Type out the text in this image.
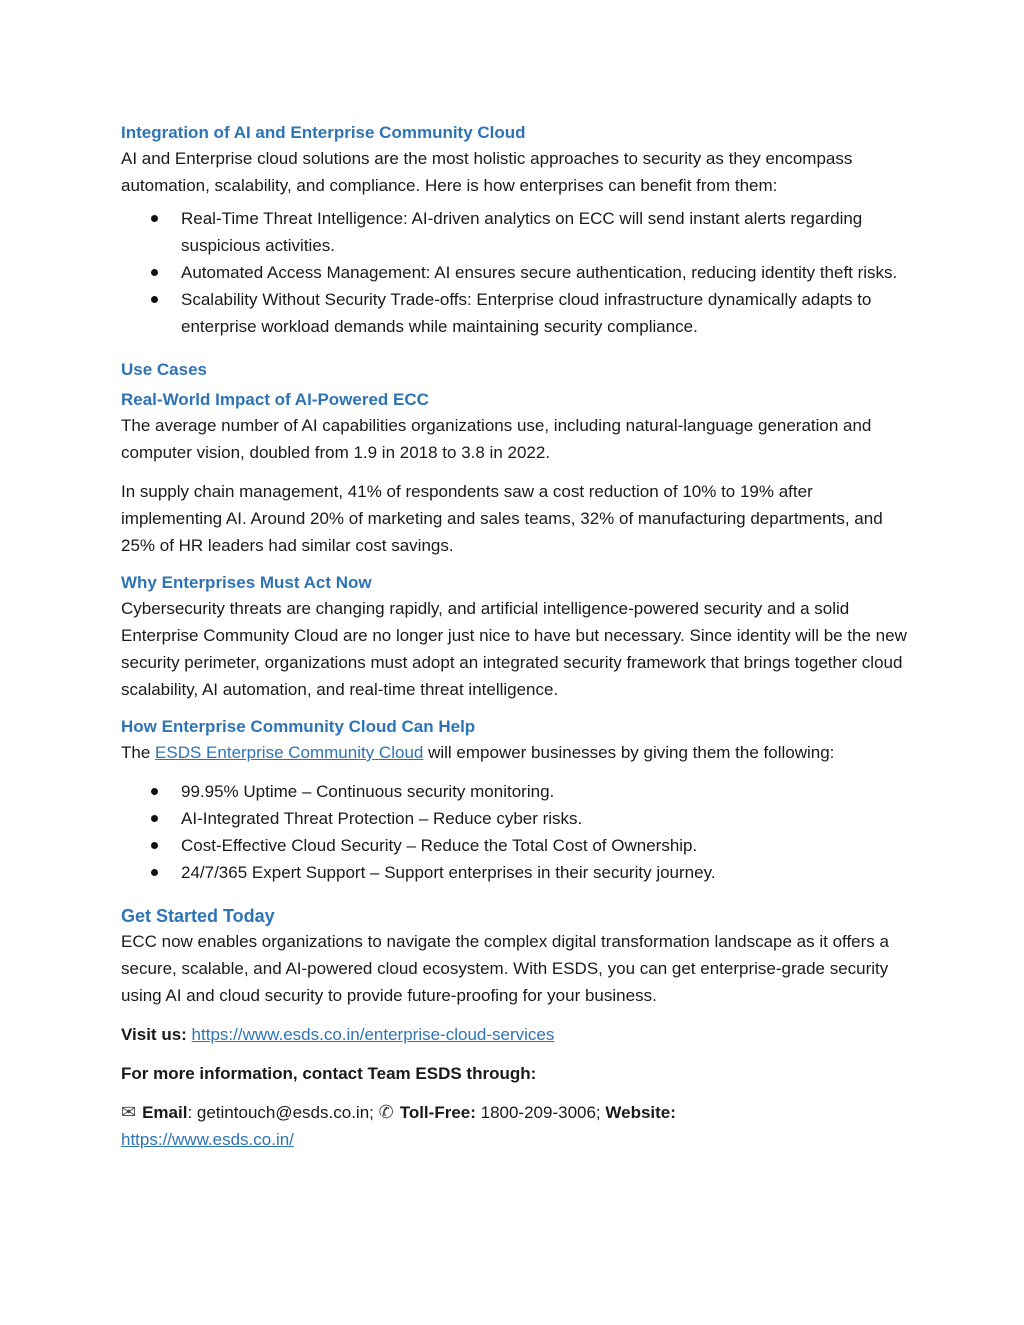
Integration of AI and Enterprise Community Cloud

AI and Enterprise cloud solutions are the most holistic approaches to security as they encompass automation, scalability, and compliance. Here is how enterprises can benefit from them:

Real-Time Threat Intelligence: AI-driven analytics on ECC will send instant alerts regarding suspicious activities.
Automated Access Management: AI ensures secure authentication, reducing identity theft risks.
Scalability Without Security Trade-offs: Enterprise cloud infrastructure dynamically adapts to enterprise workload demands while maintaining security compliance.
Use Cases
Real-World Impact of AI-Powered ECC

The average number of AI capabilities organizations use, including natural-language generation and computer vision, doubled from 1.9 in 2018 to 3.8 in 2022.

In supply chain management, 41% of respondents saw a cost reduction of 10% to 19% after implementing AI. Around 20% of marketing and sales teams, 32% of manufacturing departments, and 25% of HR leaders had similar cost savings.

Why Enterprises Must Act Now

Cybersecurity threats are changing rapidly, and artificial intelligence-powered security and a solid Enterprise Community Cloud are no longer just nice to have but necessary. Since identity will be the new security perimeter, organizations must adopt an integrated security framework that brings together cloud scalability, AI automation, and real-time threat intelligence.

How Enterprise Community Cloud Can Help

The ESDS Enterprise Community Cloud will empower businesses by giving them the following:

99.95% Uptime – Continuous security monitoring.
AI-Integrated Threat Protection – Reduce cyber risks.
Cost-Effective Cloud Security – Reduce the Total Cost of Ownership.
24/7/365 Expert Support – Support enterprises in their security journey.
Get Started Today

ECC now enables organizations to navigate the complex digital transformation landscape as it offers a secure, scalable, and AI-powered cloud ecosystem. With ESDS, you can get enterprise-grade security using AI and cloud security to provide future-proofing for your business.

Visit us: https://www.esds.co.in/enterprise-cloud-services

For more information, contact Team ESDS through:

✉ Email: getintouch@esds.co.in; ✆ Toll-Free: 1800-209-3006; Website:
https://www.esds.co.in/
